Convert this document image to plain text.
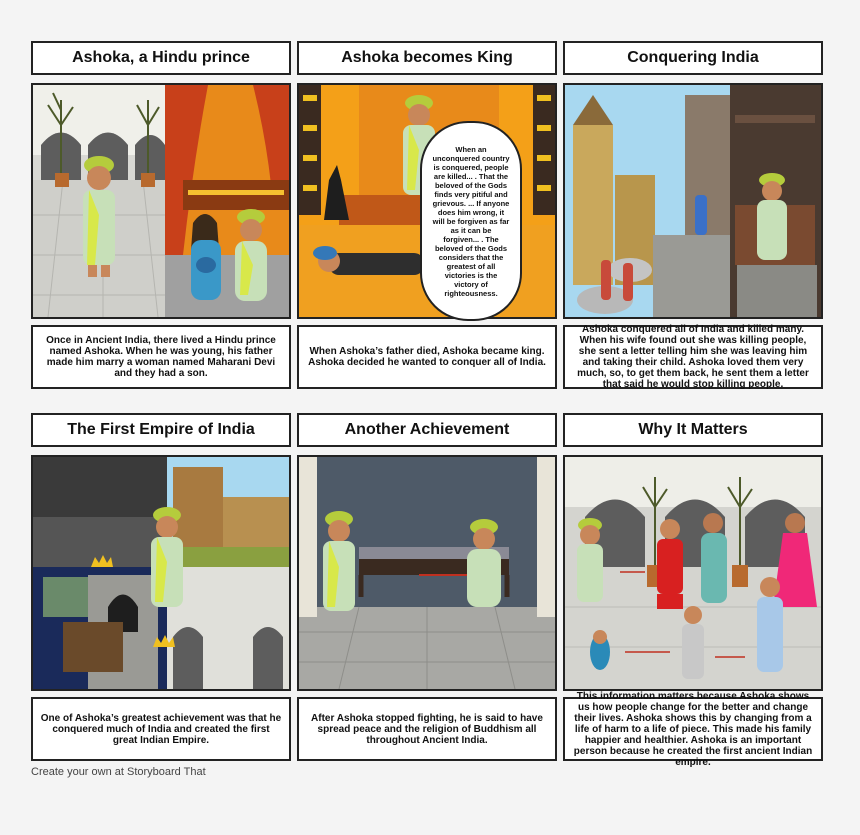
Ashoka, a Hindu prince	Ashoka becomes King	Conquering India
When an unconquered country is conquered, people are killed... . That the beloved of the Gods finds very pitiful and grievous. ... If anyone does him wrong, it will be forgiven as far as it can be forgiven... . The beloved of the Gods considers that the greatest of all victories is the victory of righteousness.
Once in Ancient India, there lived a Hindu prince named Ashoka. When he was young, his father made him marry a woman named Maharani Devi and they had a son.
When Ashoka’s father died, Ashoka became king. Ashoka decided he wanted to conquer all of India.
Ashoka conquered all of India and killed many. When his wife found out she was killing people, she sent a letter telling him she was leaving him and taking their child. Ashoka loved them very much, so, to get them back, he sent them a letter that said he would stop killing people.
The First Empire of India	Another Achievement	Why It Matters
One of Ashoka’s greatest achievement was that he conquered much of India and created the first great Indian Empire.
After Ashoka stopped fighting, he is said to have spread peace and the religion of Buddhism all throughout Ancient India.
This information matters because Ashoka shows us how people change for the better and change their lives. Ashoka shows this by changing from a life of harm to a life of piece. This made his family happier and healthier. Ashoka is an important person because he created the first ancient Indian empire.
Create your own at Storyboard That
